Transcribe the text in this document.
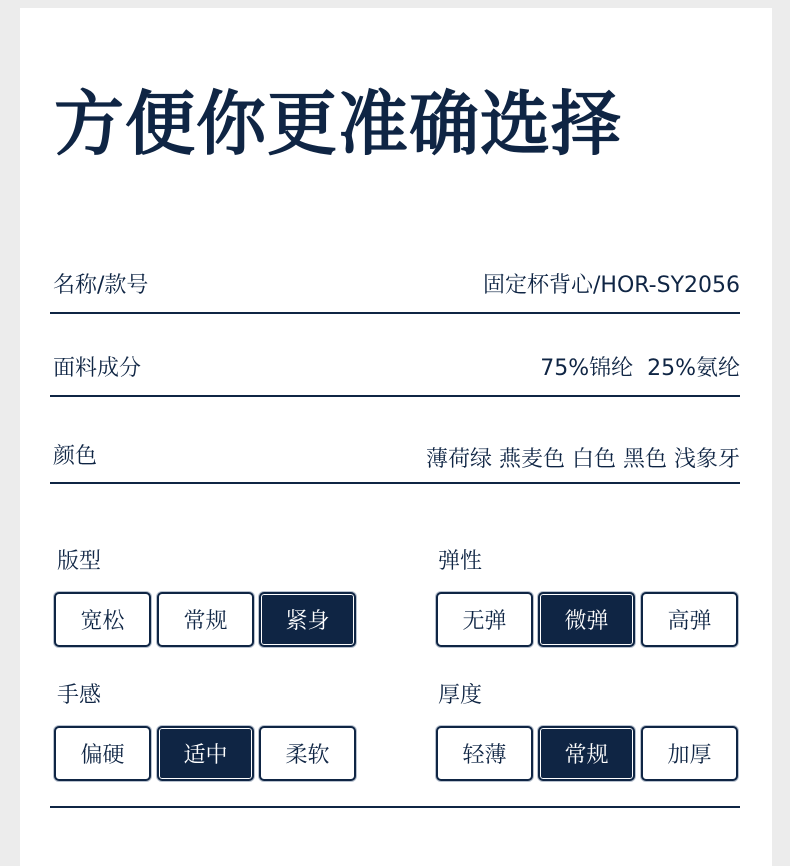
方便你更准确选择
名称/款号	固定杯背心/HOR-SY2056
面料成分	75%锦纶  25%氨纶
颜色	薄荷绿 燕麦色 白色 黑色 浅象牙
版型
宽松	常规	紧身
弹性
无弹	微弹	高弹
手感
偏硬	适中	柔软
厚度
轻薄	常规	加厚
